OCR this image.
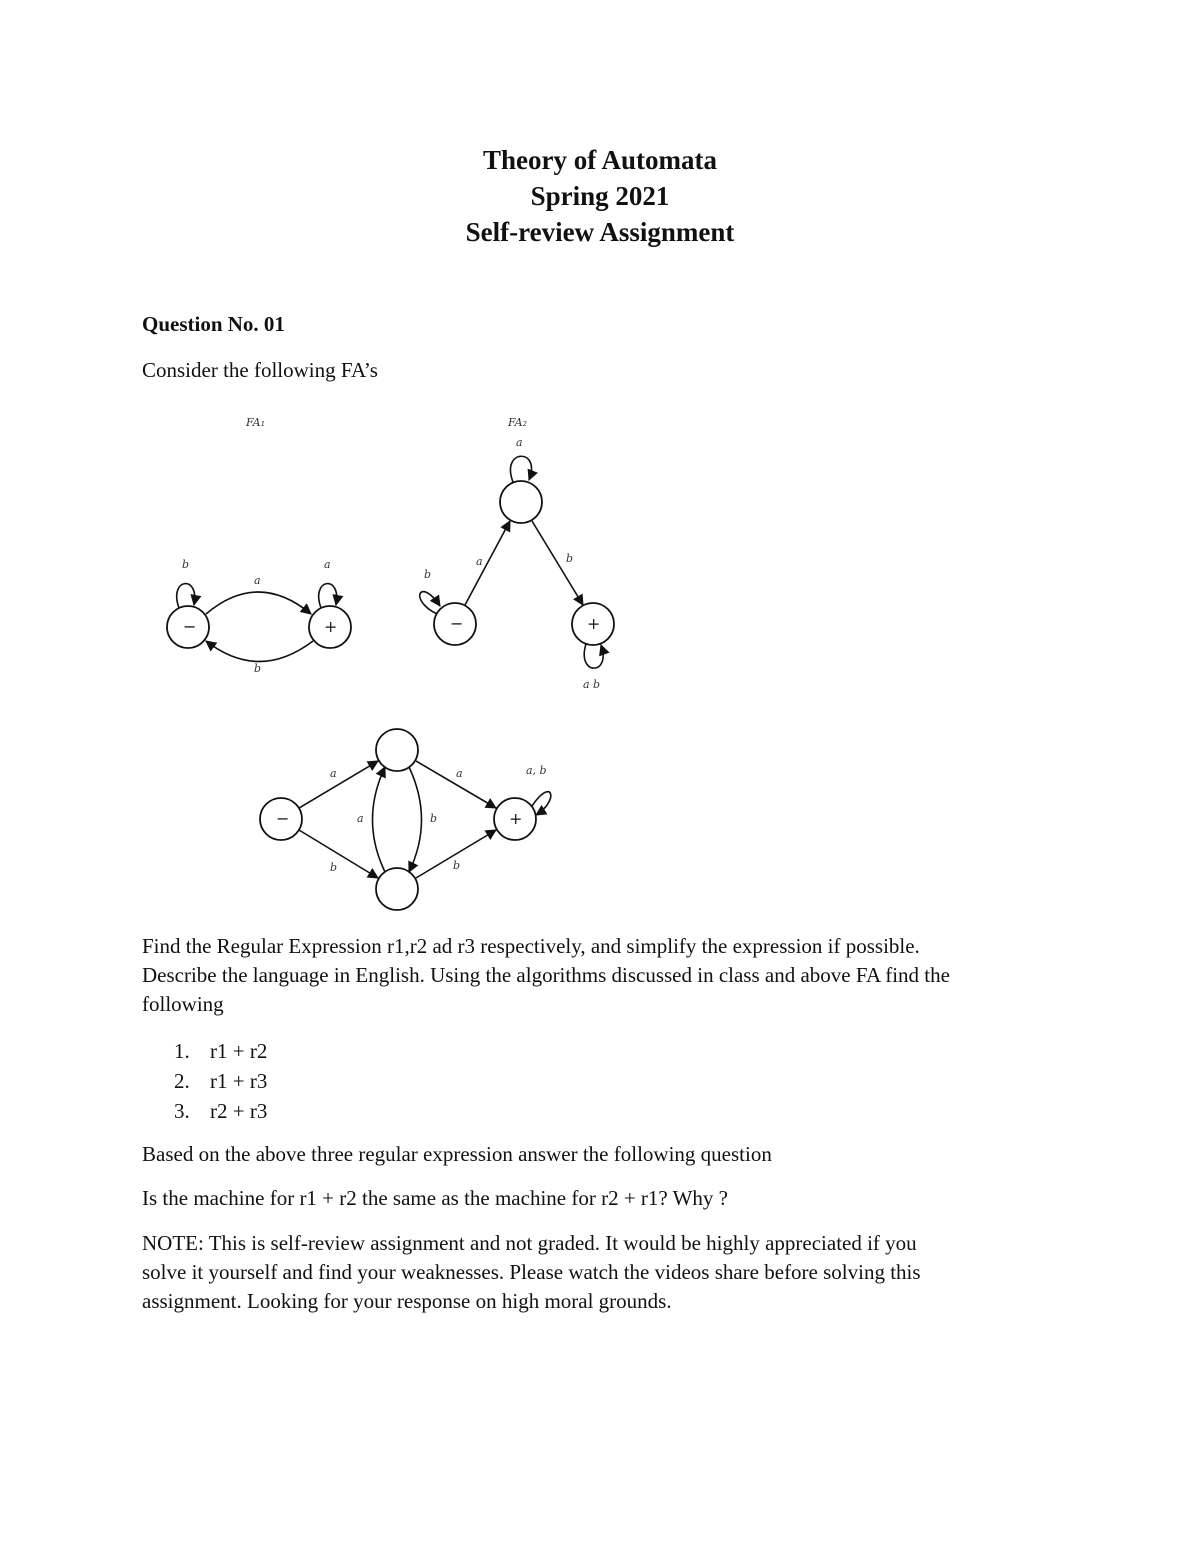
Theory of Automata
Spring 2021
Self-review Assignment
Question No. 01
Consider the following FA’s
FA₁
−	+
a
b
b	a
FA₂
−	+
a	b
a
b
a b
−	+
a
b
a
b
a	b
a, b
Find the Regular Expression r1,r2 ad r3 respectively, and simplify the expression if possible.
Describe the language in English. Using the algorithms discussed in class and above FA find the
following
1. r1 + r2
2. r1 + r3
3. r2 + r3
Based on the above three regular expression answer the following question
Is the machine for r1 + r2 the same as the machine for r2 + r1? Why ?
NOTE: This is self-review assignment and not graded. It would be highly appreciated if you
solve it yourself and find your weaknesses. Please watch the videos share before solving this
assignment. Looking for your response on high moral grounds.
